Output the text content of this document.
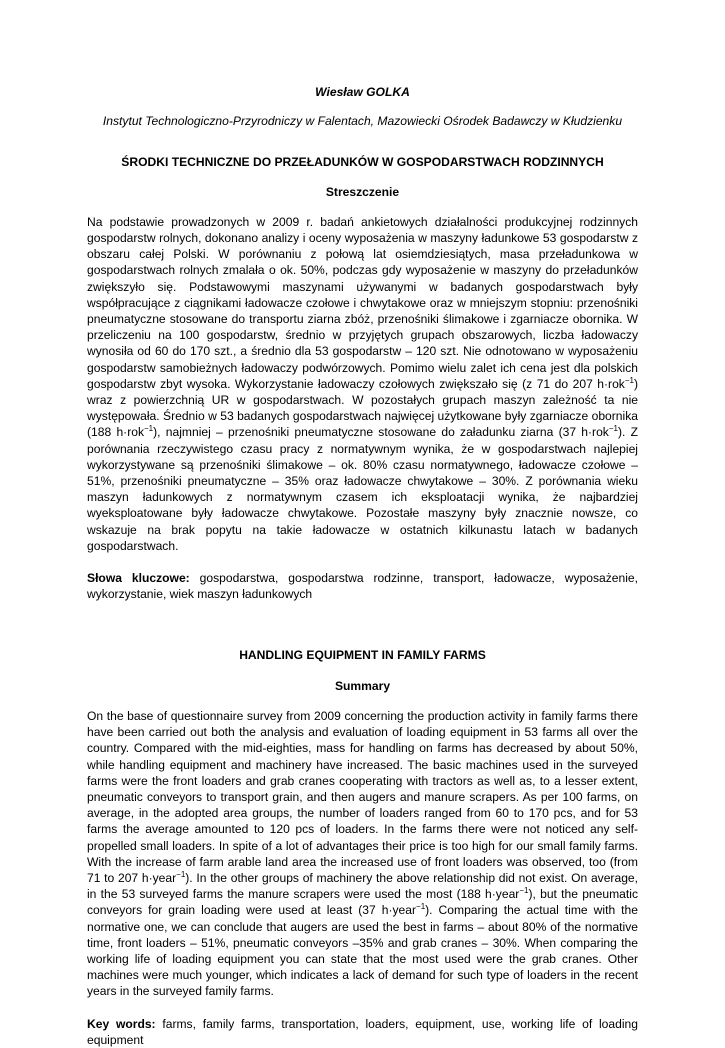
Wiesław GOLKA

Instytut Technologiczno-Przyrodniczy w Falentach, Mazowiecki Ośrodek Badawczy w Kłudzienku

ŚRODKI TECHNICZNE DO PRZEŁADUNKÓW W GOSPODARSTWACH RODZINNYCH

Streszczenie

Na podstawie prowadzonych w 2009 r. badań ankietowych działalności produkcyjnej rodzinnych gospodarstw rolnych, dokonano analizy i oceny wyposażenia w maszyny ładunkowe 53 gospodarstw z obszaru całej Polski. W porównaniu z połową lat osiemdziesiątych, masa przeładunkowa w gospodarstwach rolnych zmalała o ok. 50%, podczas gdy wyposażenie w maszyny do przeładunków zwiększyło się. Podstawowymi maszynami używanymi w badanych gospodarstwach były współpracujące z ciągnikami ładowacze czołowe i chwytakowe oraz w mniejszym stopniu: przenośniki pneumatyczne stosowane do transportu ziarna zbóż, przenośniki ślimakowe i zgarniacze obornika. W przeliczeniu na 100 gospodarstw, średnio w przyjętych grupach obszarowych, liczba ładowaczy wynosiła od 60 do 170 szt., a średnio dla 53 gospodarstw – 120 szt. Nie odnotowano w wyposażeniu gospodarstw samobieżnych ładowaczy podwórzowych. Pomimo wielu zalet ich cena jest dla polskich gospodarstw zbyt wysoka. Wykorzystanie ładowaczy czołowych zwiększało się (z 71 do 207 h·rok$^{-1}$) wraz z powierzchnią UR w gospodarstwach. W pozostałych grupach maszyn zależność ta nie występowała. Średnio w 53 badanych gospodarstwach najwięcej użytkowane były zgarniacze obornika (188 h·rok$^{-1}$), najmniej – przenośniki pneumatyczne stosowane do załadunku ziarna (37 h·rok$^{-1}$). Z porównania rzeczywistego czasu pracy z normatywnym wynika, że w gospodarstwach najlepiej wykorzystywane są przenośniki ślimakowe – ok. 80% czasu normatywnego, ładowacze czołowe – 51%, przenośniki pneumatyczne – 35% oraz ładowacze chwytakowe – 30%. Z porównania wieku maszyn ładunkowych z normatywnym czasem ich eksploatacji wynika, że najbardziej wyeksploatowane były ładowacze chwytakowe. Pozostałe maszyny były znacznie nowsze, co wskazuje na brak popytu na takie ładowacze w ostatnich kilkunastu latach w badanych gospodarstwach.

Słowa kluczowe: gospodarstwa, gospodarstwa rodzinne, transport, ładowacze, wyposażenie, wykorzystanie, wiek maszyn ładunkowych

HANDLING EQUIPMENT IN FAMILY FARMS

Summary

On the base of questionnaire survey from 2009 concerning the production activity in family farms there have been carried out both the analysis and evaluation of loading equipment in 53 farms all over the country. Compared with the mid-eighties, mass for handling on farms has decreased by about 50%, while handling equipment and machinery have increased. The basic machines used in the surveyed farms were the front loaders and grab cranes cooperating with tractors as well as, to a lesser extent, pneumatic conveyors to transport grain, and then augers and manure scrapers. As per 100 farms, on average, in the adopted area groups, the number of loaders ranged from 60 to 170 pcs, and for 53 farms the average amounted to 120 pcs of loaders. In the farms there were not noticed any self-propelled small loaders. In spite of a lot of advantages their price is too high for our small family farms. With the increase of farm arable land area the increased use of front loaders was observed, too (from 71 to 207 h·year$^{-1}$). In the other groups of machinery the above relationship did not exist. On average, in the 53 surveyed farms the manure scrapers were used the most (188 h·year$^{-1}$), but the pneumatic conveyors for grain loading were used at least (37 h·year$^{-1}$). Comparing the actual time with the normative one, we can conclude that augers are used the best in farms – about 80% of the normative time, front loaders – 51%, pneumatic conveyors –35% and grab cranes – 30%. When comparing the working life of loading equipment you can state that the most used were the grab cranes. Other machines were much younger, which indicates a lack of demand for such type of loaders in the recent years in the surveyed family farms.

Key words: farms, family farms, transportation, loaders, equipment, use, working life of loading equipment
